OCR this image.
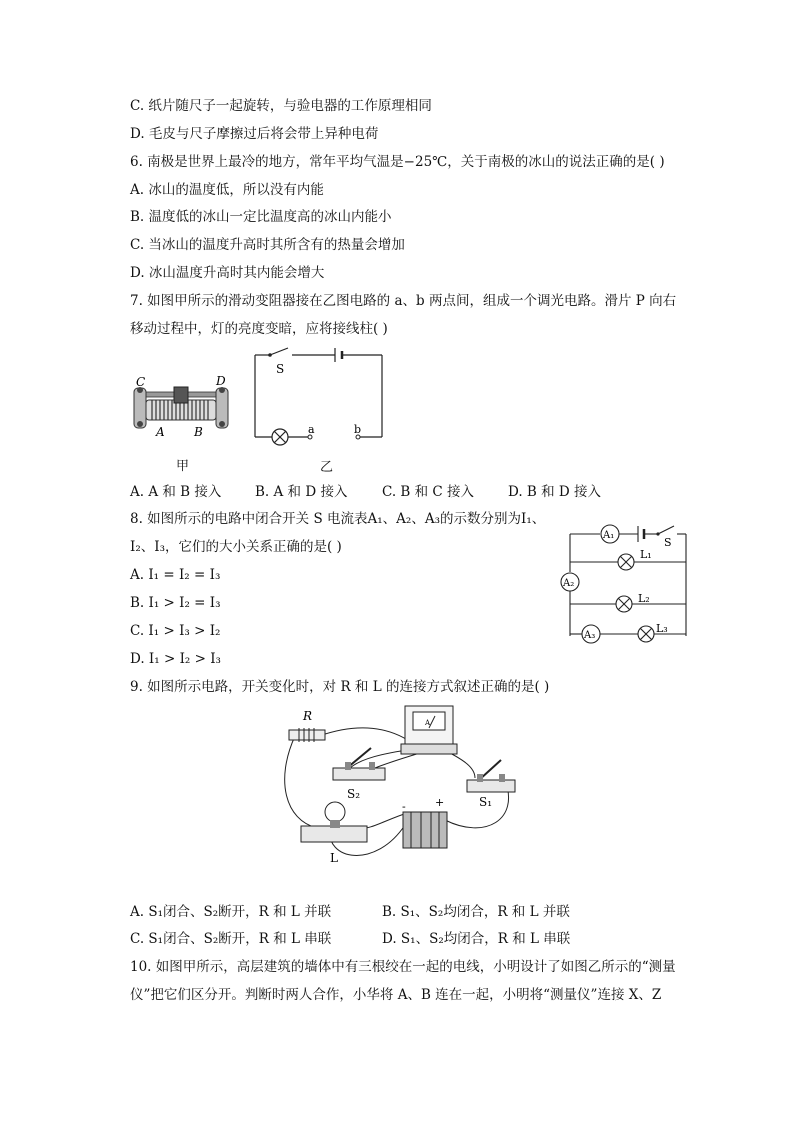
C. 纸片随尺子一起旋转，与验电器的工作原理相同
D. 毛皮与尺子摩擦过后将会带上异种电荷
6. 南极是世界上最冷的地方，常年平均气温是−25℃，关于南极的冰山的说法正确的是( )
A. 冰山的温度低，所以没有内能
B. 温度低的冰山一定比温度高的冰山内能小
C. 当冰山的温度升高时其所含有的热量会增加
D. 冰山温度升高时其内能会增大
7. 如图甲所示的滑动变阻器接在乙图电路的 a、b 两点间，组成一个调光电路。滑片 P 向右
移动过程中，灯的亮度变暗，应将接线柱( )
C	D
A B
甲
S
a	b
乙
A. A 和 B 接入 B. A 和 D 接入	C. B 和 C 接入	D. B 和 D 接入
8. 如图所示的电路中闭合开关 S 电流表A₁、A₂、A₃的示数分别为I₁、
I₂、I₃，它们的大小关系正确的是( )
A. I₁ = I₂ = I₃
B. I₁ > I₂ = I₃
C. I₁ > I₃ > I₂
D. I₁ > I₂ > I₃
A₁
A₂
A₃
L₁
L₂
L₃
S
9. 如图所示电路，开关变化时，对 R 和 L 的连接方式叙述正确的是( )
R	A
S₂
S₁
L
-	+
A. S₁闭合、S₂断开，R 和 L 并联	B. S₁、S₂均闭合，R 和 L 并联
C. S₁闭合、S₂断开，R 和 L 串联	D. S₁、S₂均闭合，R 和 L 串联
10. 如图甲所示，高层建筑的墙体中有三根绞在一起的电线，小明设计了如图乙所示的“测量
仪”把它们区分开。判断时两人合作，小华将 A、B 连在一起，小明将“测量仪”连接 X、Z
